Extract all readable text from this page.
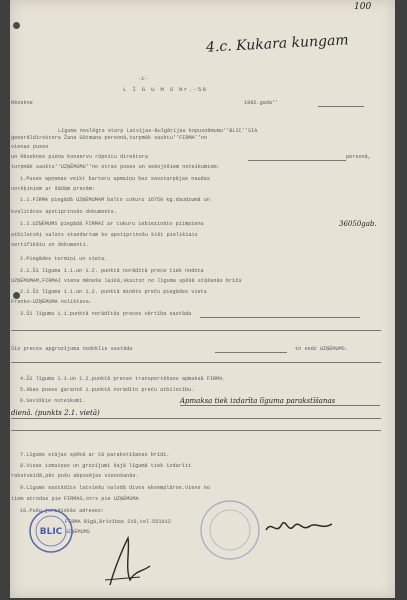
100
4.c. Kukara kungam
-1-
L Ī G U M S Nr.-58
Rēzekne	1992.gada''
Līgums noslēgts starp Latvijas-Bulgārijas kopuzņēmumu''BLIC''SIA
ģenerāldirektora Žana Gūtmana personā,turpmāk sauktu''FIRMA''no
vienas puses
un Rēzeknes piena konservu rūpnīcu direktora	personā,
turpmāk sauktu''UZŅĒMUMU''no otras puses un sekojošiem noteikumiem:
1.Puses apņemas veikt barteru apmaiņu bez savstarpējas naudas
norēķiniem ar šādām precēm:
1.1.FIRMA piegādā UZŅĒMUMAM balto cukuru 16750 kg.daudzumā un
kvalitātes apstiprinošo dokuments.
1.2.UZŅĒMUMS piegādā FIRMAI ar cukuru iebiezināto piimpienu	36050gab.
atbilstoši valsts standartam ko apstiprinošu kišt pielikiais
sertifikātu un dokumenti.
2.Piegādes termiņi un vieta.
2.1.Šī līguma 1.1.un 1.2. punktā norādītā prece tiek nodota
UZŅĒMUMAM,FIRMAI viena mēneša laikā,skaitot no līguma spēkā stāšanās brīža
2.2.Šī līguma 1.1.un 1.2. punktā minēto preču piegādes vieta
Franko-UZŅĒMUMA noliktava.
3.Šī līguma 1.1.punktā norādītās preces vērtība sastāda
Šīs preces apgrozījuma nodoklis sastāda	to sedz UZŅĒMUMS.
4.Šī līguma 1.1.un 1.2.punktā preces transportēšanu apmaksā FIRMA.
5.Abas puses garantē 1.punktā norādīto preču atbilstību.
6.Sevišķie noteikumi.	Apmaksa tiek izdarīta līguma parakstīšanas
dienā. (punkts 2.1. vietā)
7.Līgums stājas spēkā ar tā parakstīšanas brīdi.
8.Visas izmaiņas un grozījumi šajā līgumā tiek izdarīti
rakstveidā,pēc pušu abpusējas vienošanās.
9.Līgums sastādīts latviešu valodā divos eksemplāros.Viens no
tiem atrodas pie FIRMAS,otrs pie UZŅĒMUMA
10.Pušu juridiskās adreses:
FIRMA Rīgā,Brīvības 219,tel.551012
UZŅĒMUMS
BLIC
